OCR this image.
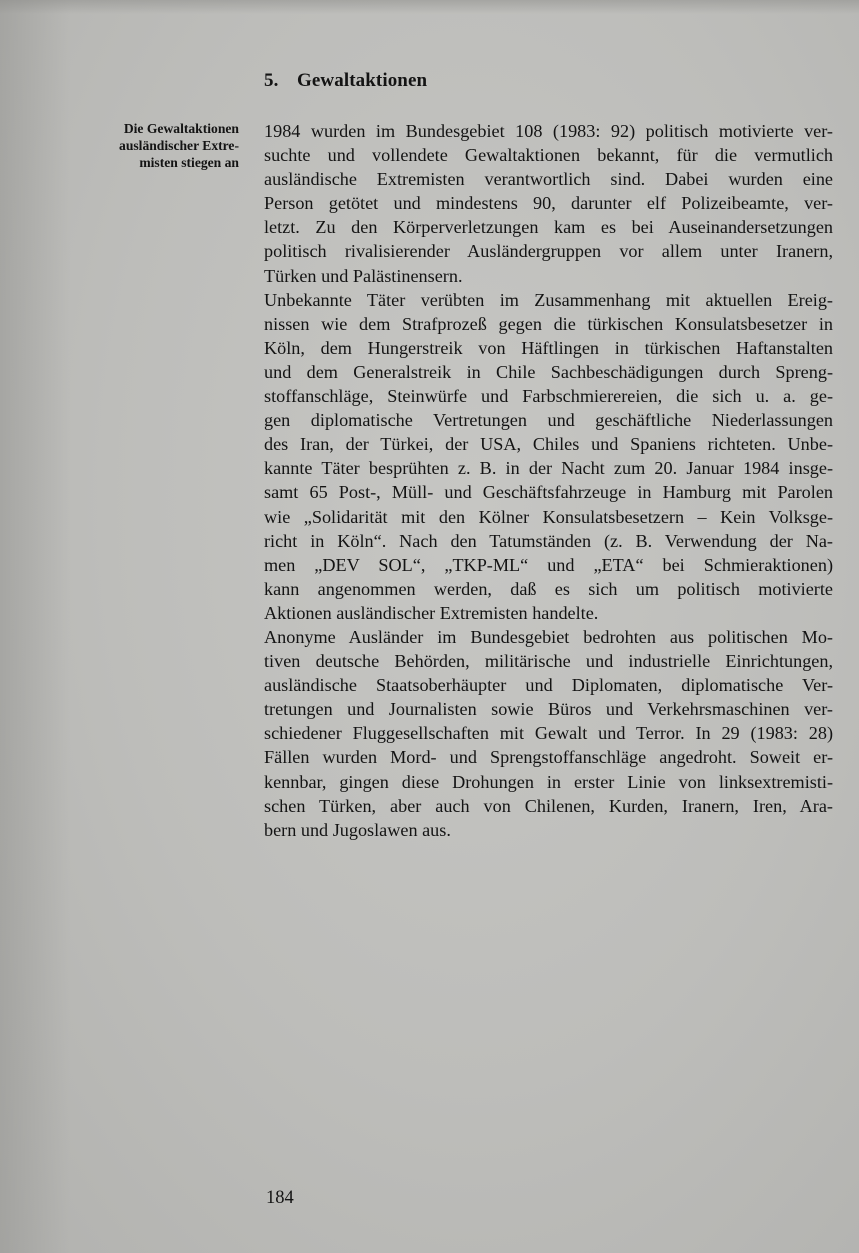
5. Gewaltaktionen
Die Gewaltaktionen
ausländischer Extre-
misten stiegen an
1984 wurden im Bundesgebiet 108 (1983: 92) politisch motivierte ver-
suchte und vollendete Gewaltaktionen bekannt, für die vermutlich
ausländische Extremisten verantwortlich sind. Dabei wurden eine
Person getötet und mindestens 90, darunter elf Polizeibeamte, ver-
letzt. Zu den Körperverletzungen kam es bei Auseinandersetzungen
politisch rivalisierender Ausländergruppen vor allem unter Iranern,
Türken und Palästinensern.
Unbekannte Täter verübten im Zusammenhang mit aktuellen Ereig-
nissen wie dem Strafprozeß gegen die türkischen Konsulatsbesetzer in
Köln, dem Hungerstreik von Häftlingen in türkischen Haftanstalten
und dem Generalstreik in Chile Sachbeschädigungen durch Spreng-
stoffanschläge, Steinwürfe und Farbschmierereien, die sich u. a. ge-
gen diplomatische Vertretungen und geschäftliche Niederlassungen
des Iran, der Türkei, der USA, Chiles und Spaniens richteten. Unbe-
kannte Täter besprühten z. B. in der Nacht zum 20. Januar 1984 insge-
samt 65 Post-, Müll- und Geschäftsfahrzeuge in Hamburg mit Parolen
wie „Solidarität mit den Kölner Konsulatsbesetzern – Kein Volksge-
richt in Köln“. Nach den Tatumständen (z. B. Verwendung der Na-
men „DEV SOL“, „TKP-ML“ und „ETA“ bei Schmieraktionen)
kann angenommen werden, daß es sich um politisch motivierte
Aktionen ausländischer Extremisten handelte.
Anonyme Ausländer im Bundesgebiet bedrohten aus politischen Mo-
tiven deutsche Behörden, militärische und industrielle Einrichtungen,
ausländische Staatsoberhäupter und Diplomaten, diplomatische Ver-
tretungen und Journalisten sowie Büros und Verkehrsmaschinen ver-
schiedener Fluggesellschaften mit Gewalt und Terror. In 29 (1983: 28)
Fällen wurden Mord- und Sprengstoffanschläge angedroht. Soweit er-
kennbar, gingen diese Drohungen in erster Linie von linksextremisti-
schen Türken, aber auch von Chilenen, Kurden, Iranern, Iren, Ara-
bern und Jugoslawen aus.
184
